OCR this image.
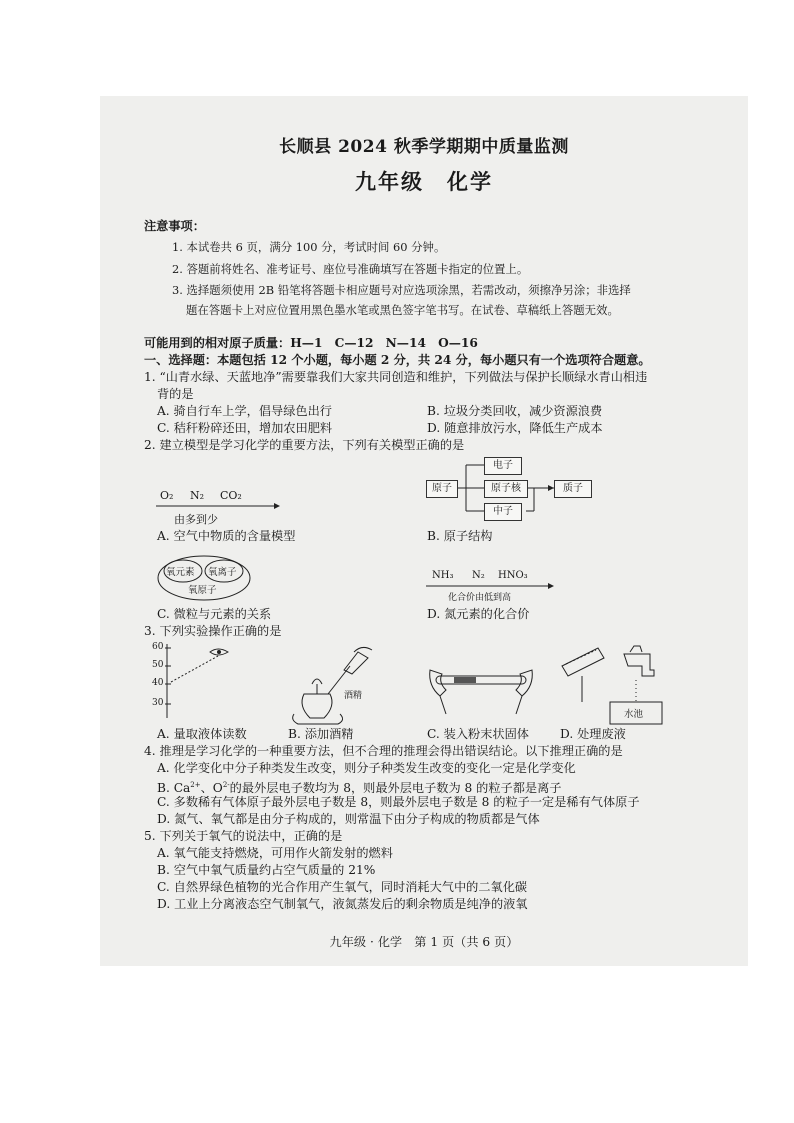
长顺县 2024 秋季学期期中质量监测
九年级　化学
注意事项：
1. 本试卷共 6 页，满分 100 分，考试时间 60 分钟。
2. 答题前将姓名、准考证号、座位号准确填写在答题卡指定的位置上。
3. 选择题须使用 2B 铅笔将答题卡相应题号对应选项涂黑，若需改动，须擦净另涂；非选择
题在答题卡上对应位置用黑色墨水笔或黑色签字笔书写。在试卷、草稿纸上答题无效。
可能用到的相对原子质量：H—1　C—12　N—14　O—16
一、选择题：本题包括 12 个小题，每小题 2 分，共 24 分，每小题只有一个选项符合题意。
1. “山青水绿、天蓝地净”需要靠我们大家共同创造和维护，下列做法与保护长顺绿水青山相违
背的是
A. 骑自行车上学，倡导绿色出行	B. 垃圾分类回收，减少资源浪费
C. 秸秆粉碎还田，增加农田肥料	D. 随意排放污水，降低生产成本
2. 建立模型是学习化学的重要方法，下列有关模型正确的是
O₂ N₂ CO₂
由多到少
原子
电子
原子核
中子
质子
A. 空气中物质的含量模型	B. 原子结构
氧元素 氧离子
氧原子
NH₃ N₂ HNO₃
化合价由低到高
C. 微粒与元素的关系	D. 氮元素的化合价
3. 下列实验操作正确的是
60
50
40
30
酒精
水池
A. 量取液体读数	B. 添加酒精	C. 装入粉末状固体	D. 处理废液
4. 推理是学习化学的一种重要方法，但不合理的推理会得出错误结论。以下推理正确的是
A. 化学变化中分子种类发生改变，则分子种类发生改变的变化一定是化学变化
B. $Ca^{2+}$、$O^{2-}$的最外层电子数均为 8，则最外层电子数为 8 的粒子都是离子
C. 多数稀有气体原子最外层电子数是 8，则最外层电子数是 8 的粒子一定是稀有气体原子
D. 氮气、氧气都是由分子构成的，则常温下由分子构成的物质都是气体
5. 下列关于氧气的说法中，正确的是
A. 氧气能支持燃烧，可用作火箭发射的燃料
B. 空气中氧气质量约占空气质量的 21%
C. 自然界绿色植物的光合作用产生氧气，同时消耗大气中的二氧化碳
D. 工业上分离液态空气制氧气，液氮蒸发后的剩余物质是纯净的液氧
九年级 · 化学　第 1 页（共 6 页）
